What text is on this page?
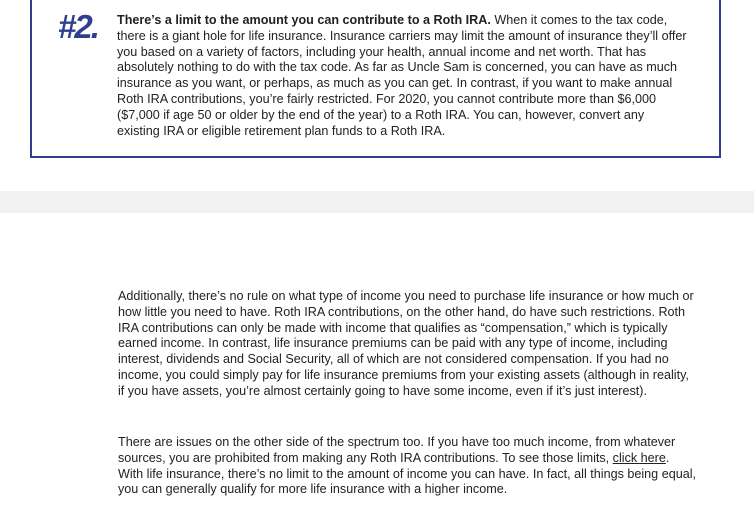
#2. There’s a limit to the amount you can contribute to a Roth IRA. When it comes to the tax code, there is a giant hole for life insurance. Insurance carriers may limit the amount of insurance they’ll offer you based on a variety of factors, including your health, annual income and net worth. That has absolutely nothing to do with the tax code. As far as Uncle Sam is concerned, you can have as much insurance as you want, or perhaps, as much as you can get. In contrast, if you want to make annual Roth IRA contributions, you’re fairly restricted. For 2020, you cannot contribute more than $6,000 ($7,000 if age 50 or older by the end of the year) to a Roth IRA. You can, however, convert any existing IRA or eligible retirement plan funds to a Roth IRA.
Additionally, there’s no rule on what type of income you need to purchase life insurance or how much or how little you need to have. Roth IRA contributions, on the other hand, do have such restrictions. Roth IRA contributions can only be made with income that qualifies as “compensation,” which is typically earned income. In contrast, life insurance premiums can be paid with any type of income, including interest, dividends and Social Security, all of which are not considered compensation. If you had no income, you could simply pay for life insurance premiums from your existing assets (although in reality, if you have assets, you’re almost certainly going to have some income, even if it’s just interest).
There are issues on the other side of the spectrum too. If you have too much income, from whatever sources, you are prohibited from making any Roth IRA contributions. To see those limits, click here. With life insurance, there’s no limit to the amount of income you can have. In fact, all things being equal, you can generally qualify for more life insurance with a higher income.
